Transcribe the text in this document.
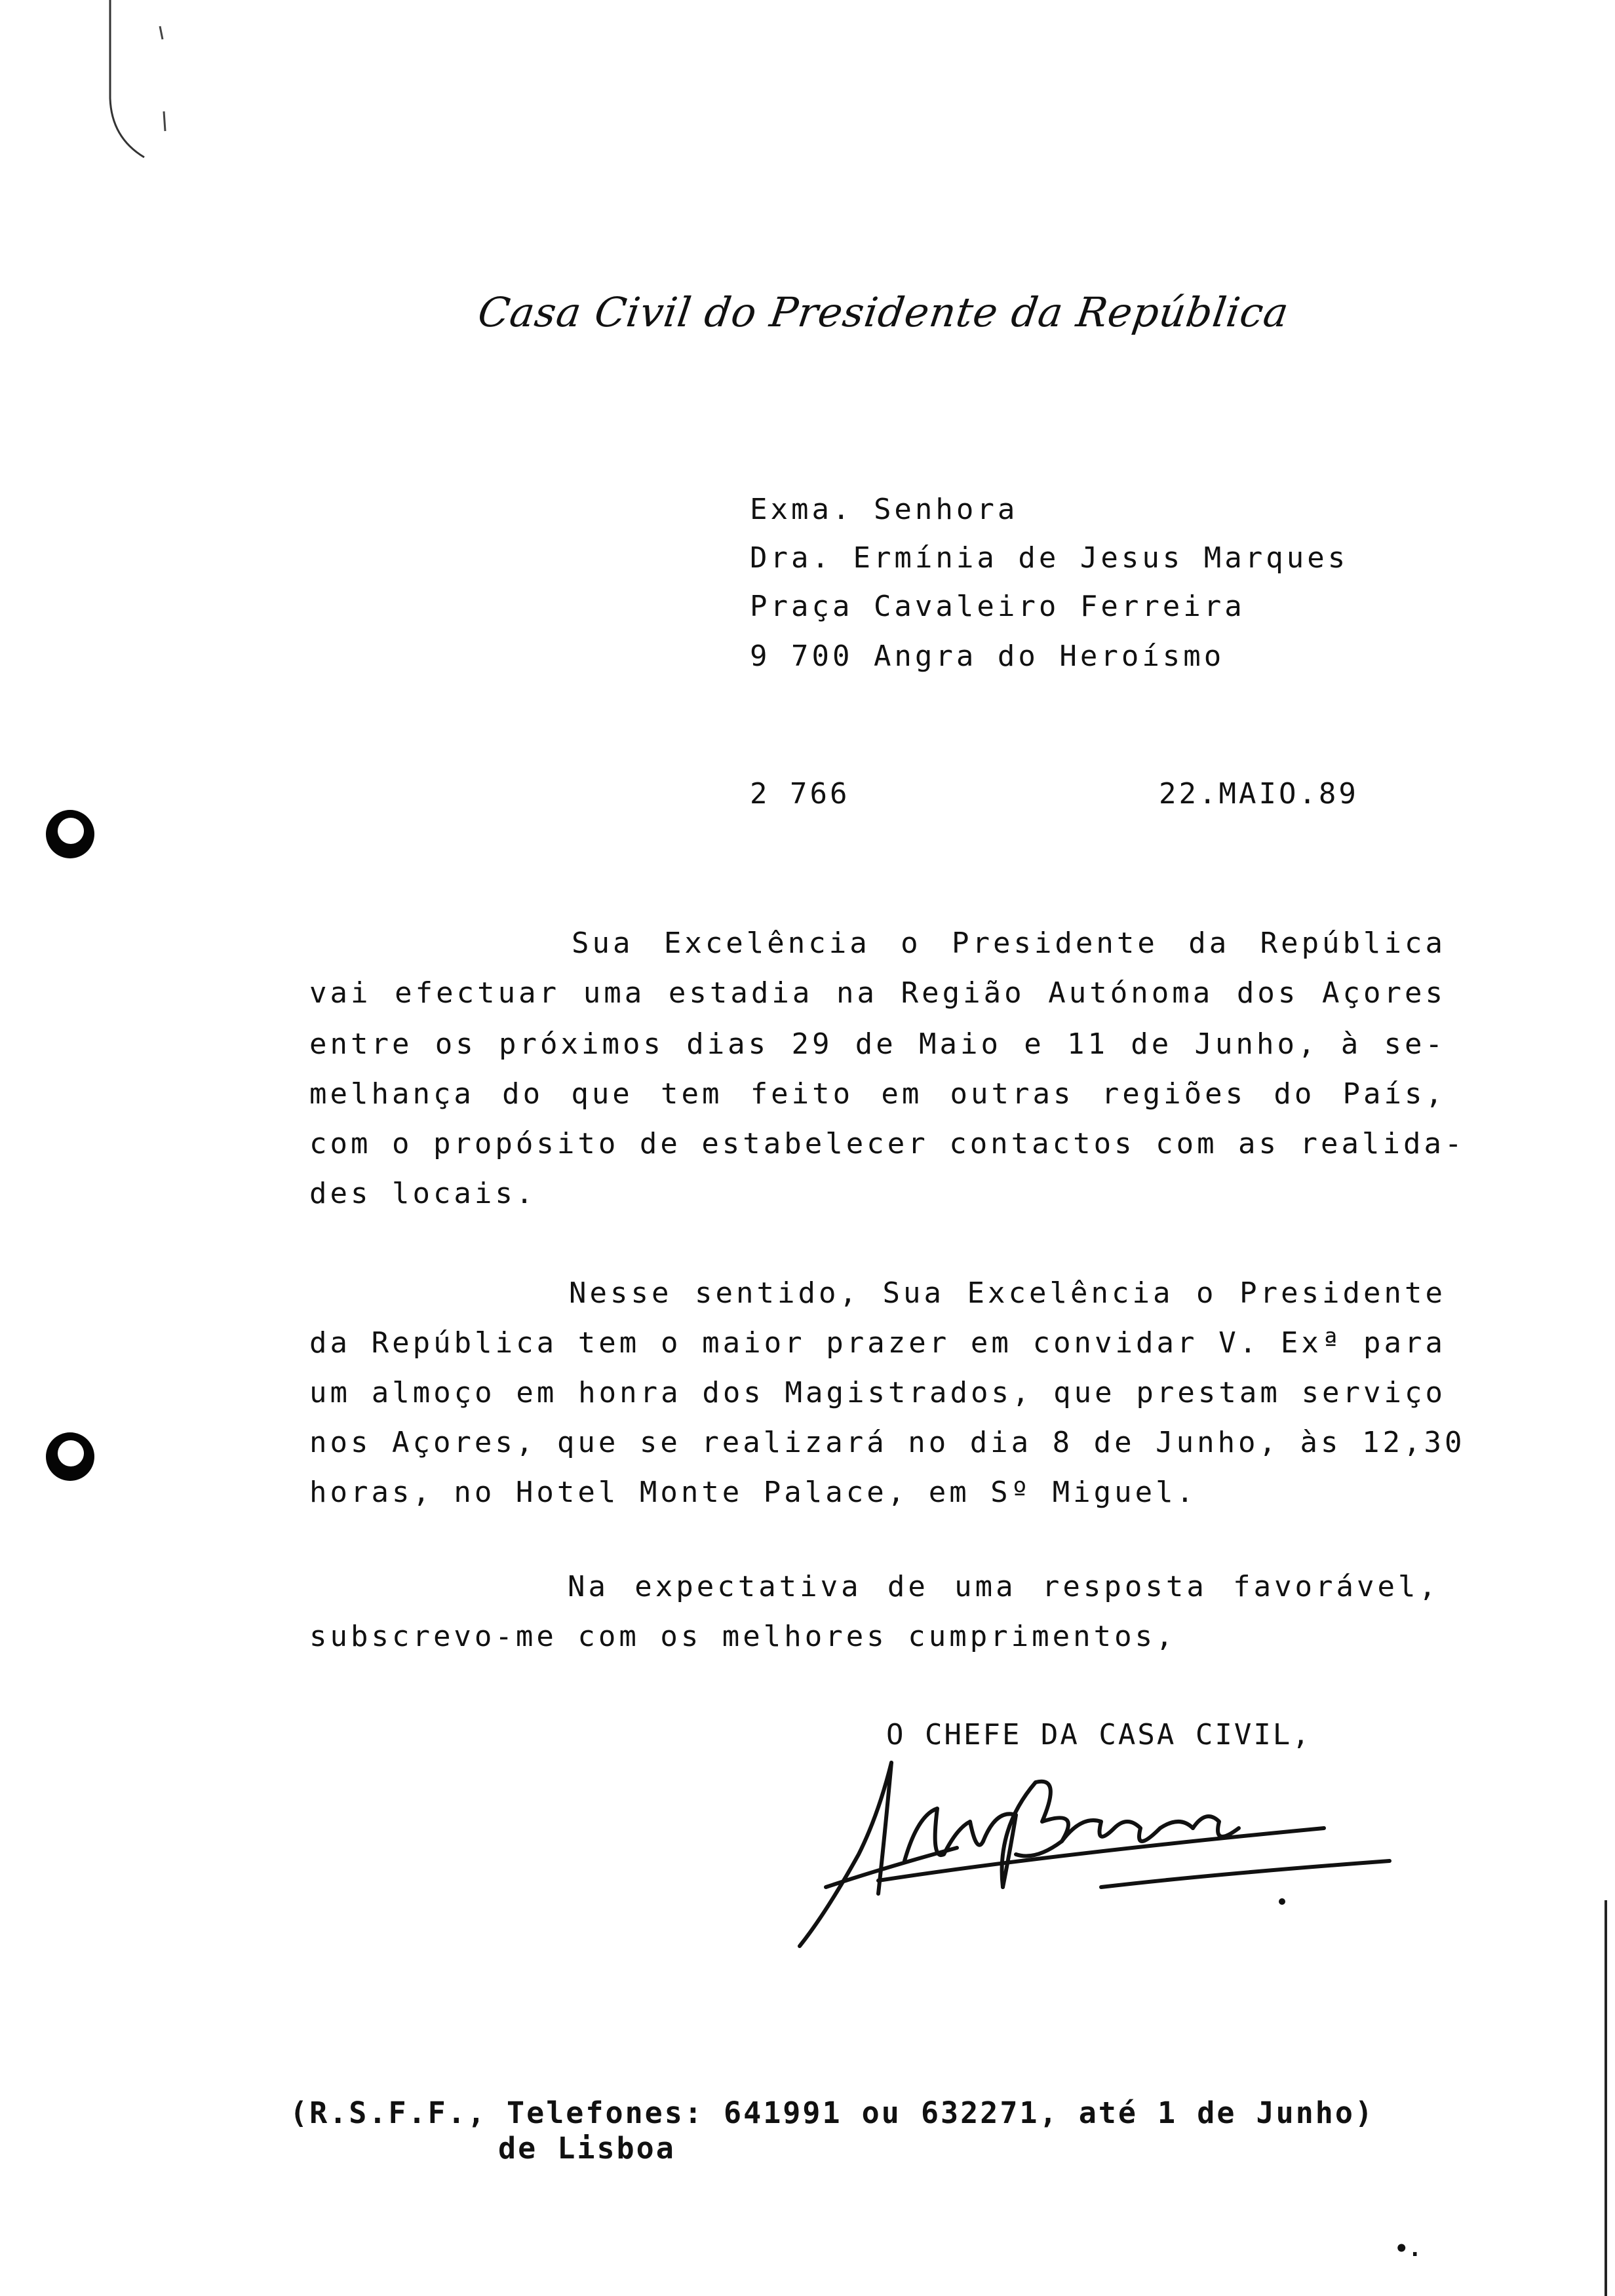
•.
Casa Civil do Presidente da República
Exma. Senhora
Dra. Ermínia de Jesus Marques
Praça Cavaleiro Ferreira
9 700 Angra do Heroísmo
2 766	22.MAIO.89
Sua Excelência o Presidente da República
vai efectuar uma estadia na Região Autónoma dos Açores
entre os próximos dias 29 de Maio e 11 de Junho, à se-
melhança do que tem feito em outras regiões do País,
com o propósito de estabelecer contactos com as realida-
des locais.
Nesse sentido, Sua Excelência o Presidente
da República tem o maior prazer em convidar V. Exª para
um almoço em honra dos Magistrados, que prestam serviço
nos Açores, que se realizará no dia 8 de Junho, às 12,30
horas, no Hotel Monte Palace, em Sº Miguel.
Na expectativa de uma resposta favorável,
subscrevo-me com os melhores cumprimentos,
O CHEFE DA CASA CIVIL,
(R.S.F.F., Telefones: 641991 ou 632271, até 1 de Junho)
de Lisboa
